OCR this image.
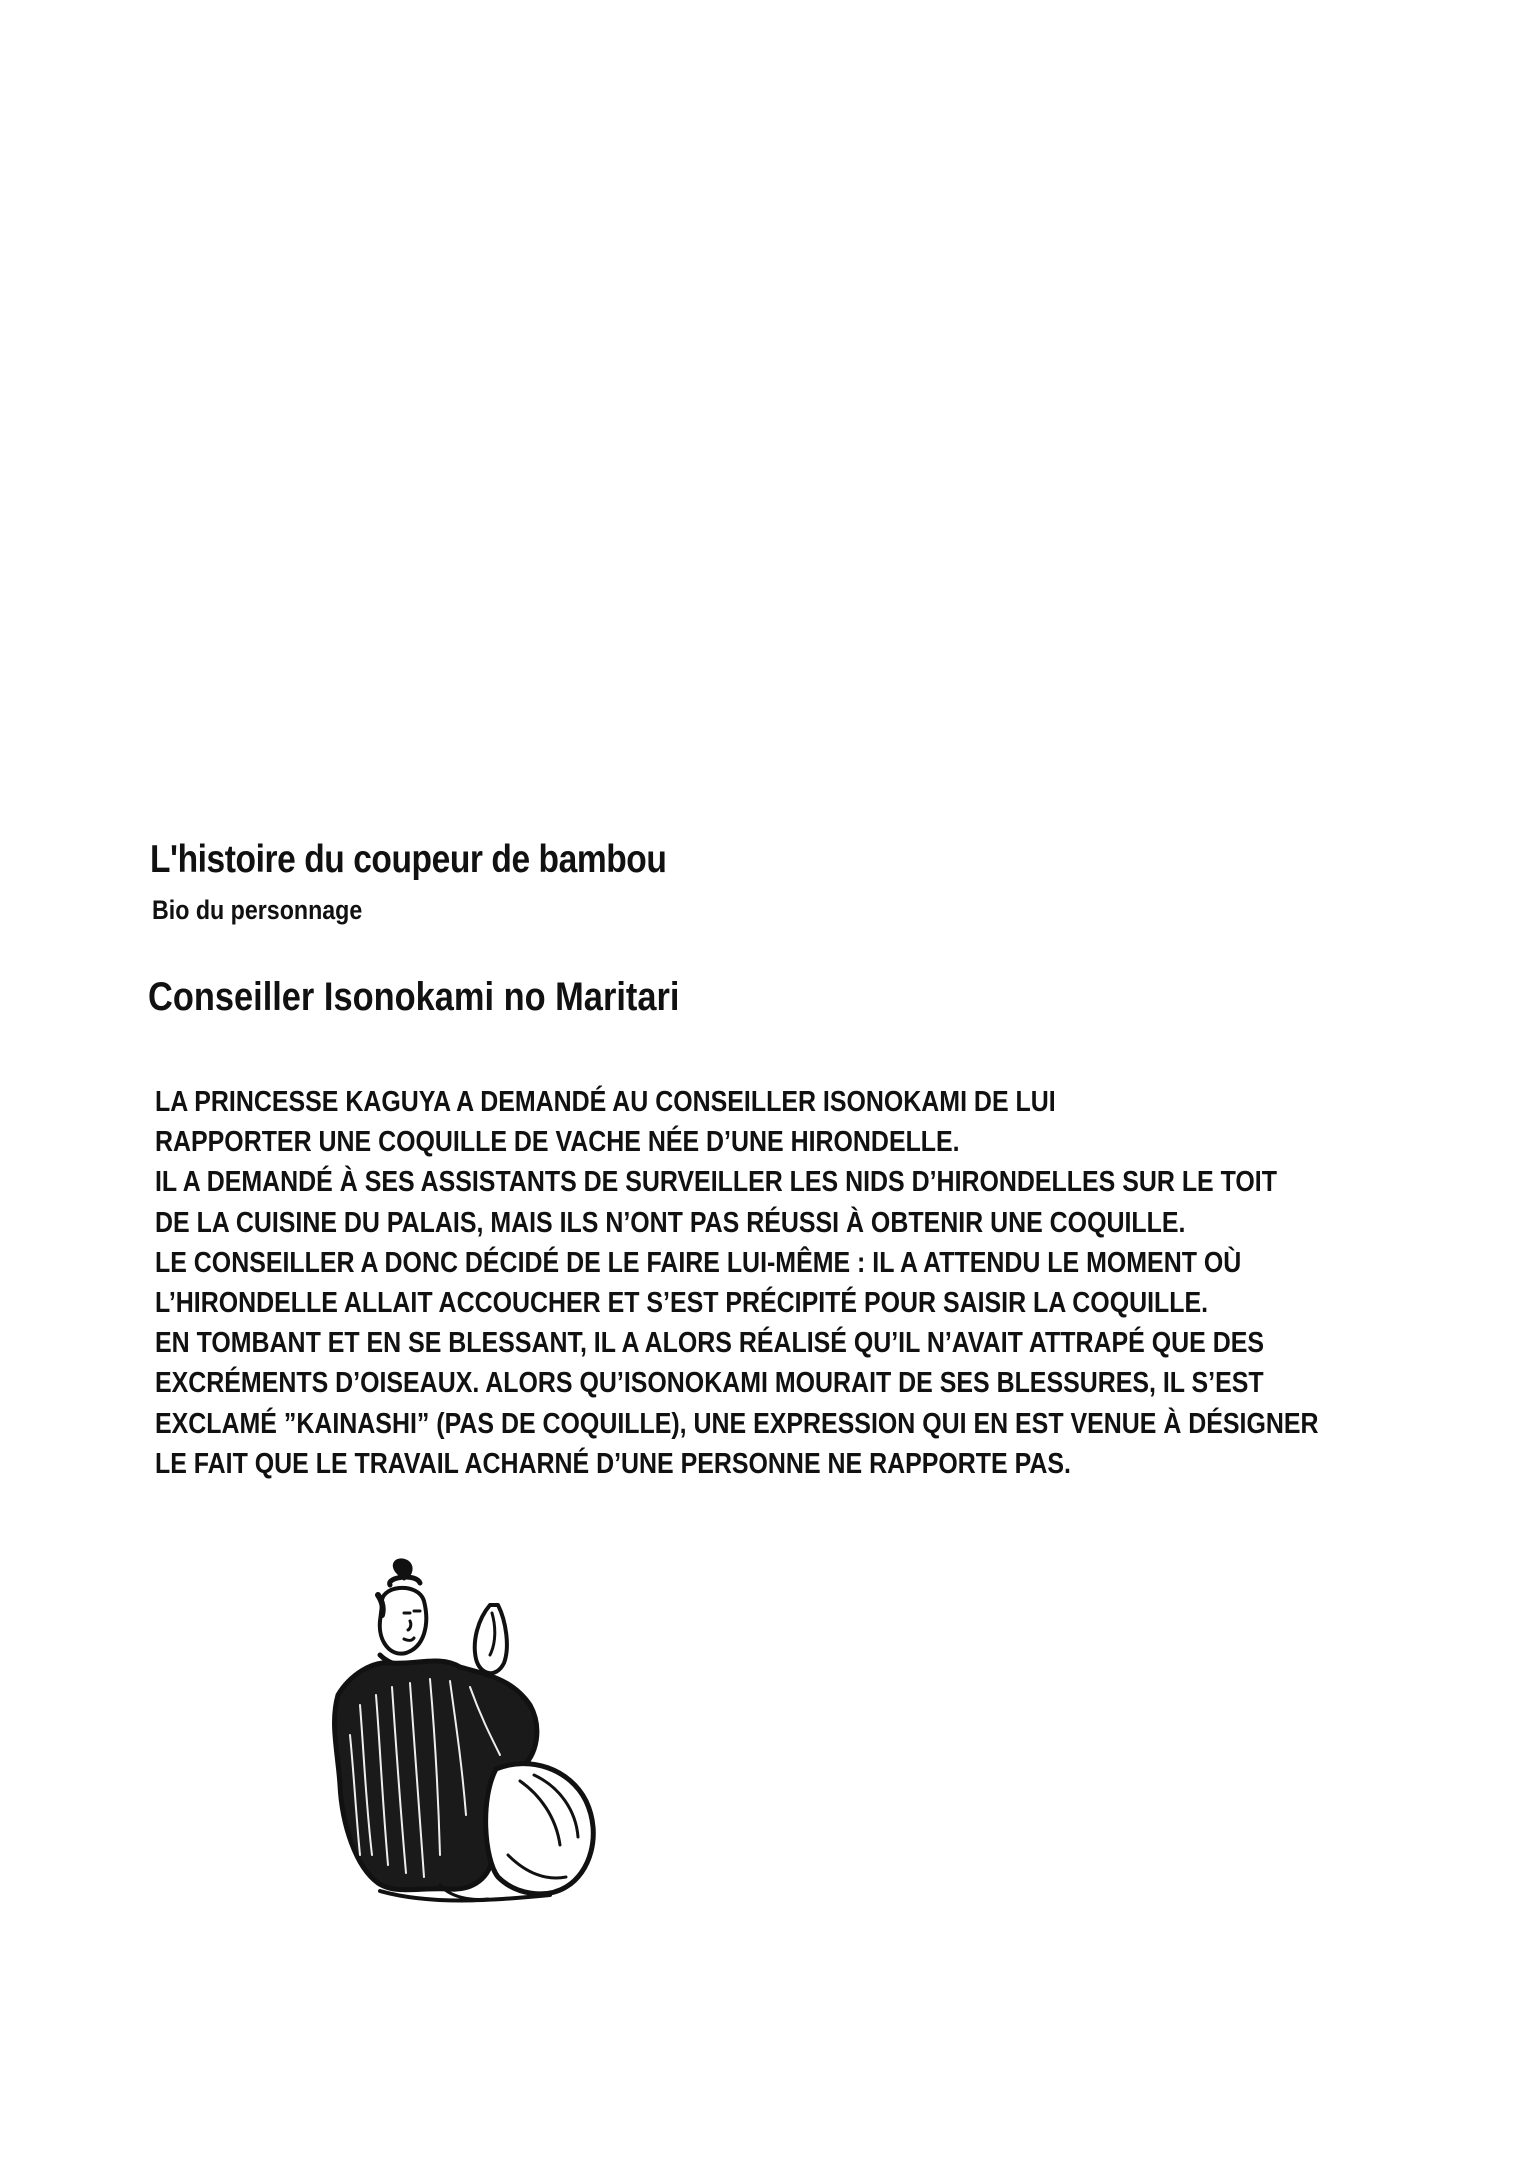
L'histoire du coupeur de bambou
Bio du personnage
Conseiller Isonokami no Maritari
LA PRINCESSE KAGUYA A DEMANDÉ AU CONSEILLER ISONOKAMI DE LUI
RAPPORTER UNE COQUILLE DE VACHE NÉE D’UNE HIRONDELLE.
IL A DEMANDÉ À SES ASSISTANTS DE SURVEILLER LES NIDS D’HIRONDELLES SUR LE TOIT
DE LA CUISINE DU PALAIS, MAIS ILS N’ONT PAS RÉUSSI À OBTENIR UNE COQUILLE.
LE CONSEILLER A DONC DÉCIDÉ DE LE FAIRE LUI-MÊME : IL A ATTENDU LE MOMENT OÙ
L’HIRONDELLE ALLAIT ACCOUCHER ET S’EST PRÉCIPITÉ POUR SAISIR LA COQUILLE.
EN TOMBANT ET EN SE BLESSANT, IL A ALORS RÉALISÉ QU’IL N’AVAIT ATTRAPÉ QUE DES
EXCRÉMENTS D’OISEAUX. ALORS QU’ISONOKAMI MOURAIT DE SES BLESSURES, IL S’EST
EXCLAMÉ ”KAINASHI” (PAS DE COQUILLE), UNE EXPRESSION QUI EN EST VENUE À DÉSIGNER
LE FAIT QUE LE TRAVAIL ACHARNÉ D’UNE PERSONNE NE RAPPORTE PAS.
